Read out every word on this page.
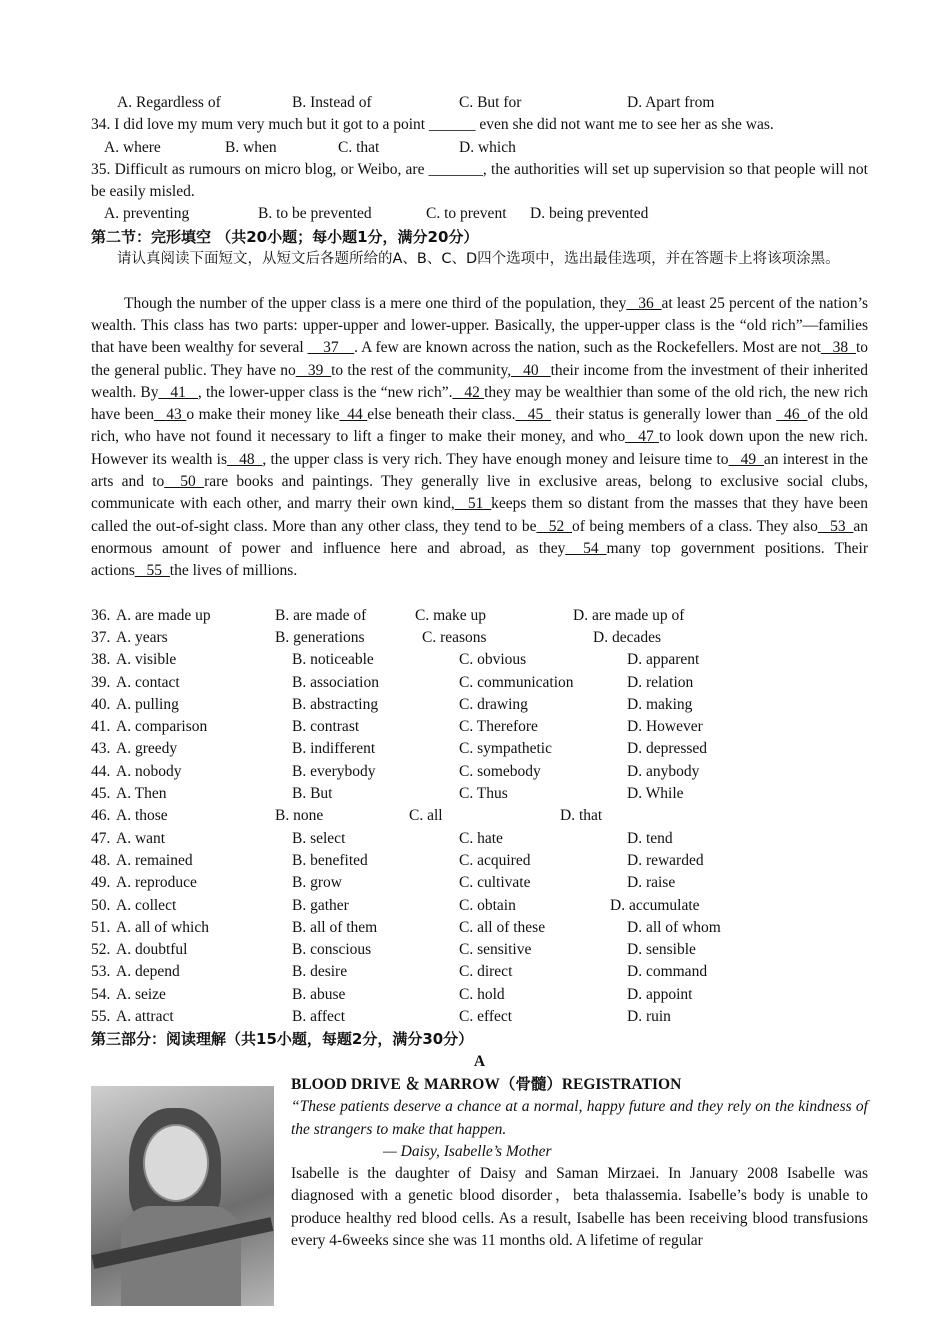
A. Regardless of	B. Instead of	C. But for	D. Apart from
34. I did love my mum very much but it got to a point ______ even she did not want me to see her as she was.
A. where	B. when	C. that	D. which
35. Difficult as rumours on micro blog, or Weibo, are _______, the authorities will set up supervision so that people will not be easily misled.
A. preventing	B. to be prevented	C. to prevent D. being prevented
第二节：完形填空 （共20小题；每小题1分，满分20分）
请认真阅读下面短文，从短文后各题所给的A、B、C、D四个选项中，选出最佳选项，并在答题卡上将该项涂黑。
Though the number of the upper class is a mere one third of the population, they_ 36_at least 25 percent of the nation’s wealth. This class has two parts: upper-upper and lower-upper. Basically, the upper-upper class is the “old rich”—families that have been wealthy for several __37__. A few are known across the nation, such as the Rockefellers. Most are not_ 38_to the general public. They have no_ 39_to the rest of the community,_ 40 _their income from the investment of their inherited wealth. By_ 41 _, the lower-upper class is the “new rich”._ 42 they may be wealthier than some of the old rich, the new rich have been_ 43 o make their money like_44 else beneath their class._ 45_ their status is generally lower than _46_of the old rich, who have not found it necessary to lift a finger to make their money, and who_ 47 to look down upon the new rich. However its wealth is_ 48_, the upper class is very rich. They have enough money and leisure time to_ 49_an interest in the arts and to_ 50 rare books and paintings. They generally live in exclusive areas, belong to exclusive social clubs, communicate with each other, and marry their own kind,_ 51_keeps them so distant from the masses that they have been called the out-of-sight class. More than any other class, they tend to be_ 52_of being members of a class. They also_ 53_an enormous amount of power and influence here and abroad, as they_ 54_many top government positions. Their actions_ 55_the lives of millions.
36. A. are made up	B. are made of	C. make up	D. are made up of
37. A. years	B. generations	C. reasons	D. decades
38. A. visible	B. noticeable	C. obvious	D. apparent
39. A. contact	B. association	C. communication	D. relation
40. A. pulling	B. abstracting	C. drawing	D. making
41. A. comparison	B. contrast	C. Therefore	D. However
43. A. greedy	B. indifferent	C. sympathetic	D. depressed
44. A. nobody	B. everybody	C. somebody	D. anybody
45. A. Then	B. But	C. Thus	D. While
46. A. those	B. none	C. all	D. that
47. A. want	B. select	C. hate	D. tend
48. A. remained	B. benefited	C. acquired	D. rewarded
49. A. reproduce	B. grow	C. cultivate	D. raise
50. A. collect	B. gather	C. obtain	D. accumulate
51. A. all of which	B. all of them	C. all of these	D. all of whom
52. A. doubtful	B. conscious	C. sensitive	D. sensible
53. A. depend	B. desire	C. direct	D. command
54. A. seize	B. abuse	C. hold	D. appoint
55. A. attract	B. affect	C. effect	D. ruin
第三部分：阅读理解（共15小题，每题2分，满分30分）
A
BLOOD DRIVE ＆ MARROW（骨髓）REGISTRATION
“These patients deserve a chance at a normal, happy future and they rely on the kindness of the strangers to make that happen.
— Daisy, Isabelle’s Mother
Isabelle is the daughter of Daisy and Saman Mirzaei. In January 2008 Isabelle was diagnosed with a genetic blood disorder，beta thalassemia. Isabelle’s body is unable to produce healthy red blood cells. As a result, Isabelle has been receiving blood transfusions every 4-6weeks since she was 11 months old. A lifetime of regular
